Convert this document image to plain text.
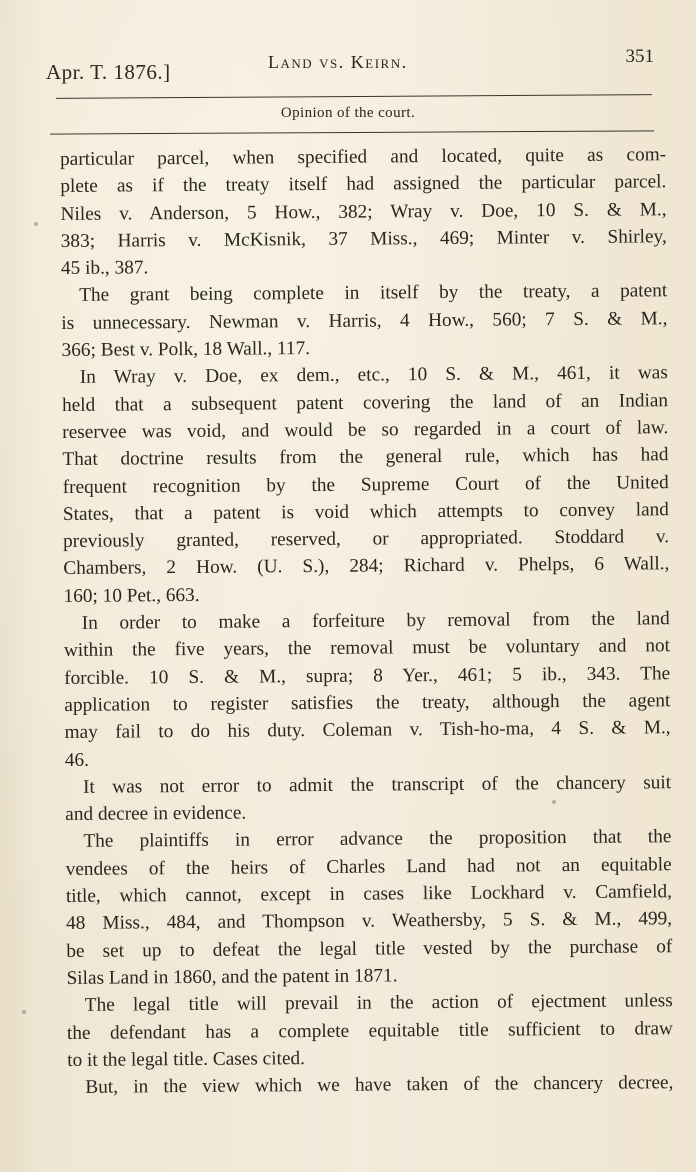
Apr. T. 1876.]	Land vs. Keirn.	351
Opinion of the court.
particular parcel, when specified and located, quite as com-
plete as if the treaty itself had assigned the particular parcel.
Niles v. Anderson, 5 How., 382; Wray v. Doe, 10 S. & M.,
383; Harris v. McKisnik, 37 Miss., 469; Minter v. Shirley,
45 ib., 387.
The grant being complete in itself by the treaty, a patent
is unnecessary. Newman v. Harris, 4 How., 560; 7 S. & M.,
366; Best v. Polk, 18 Wall., 117.
In Wray v. Doe, ex dem., etc., 10 S. & M., 461, it was
held that a subsequent patent covering the land of an Indian
reservee was void, and would be so regarded in a court of law.
That doctrine results from the general rule, which has had
frequent recognition by the Supreme Court of the United
States, that a patent is void which attempts to convey land
previously granted, reserved, or appropriated. Stoddard v.
Chambers, 2 How. (U. S.), 284; Richard v. Phelps, 6 Wall.,
160; 10 Pet., 663.
In order to make a forfeiture by removal from the land
within the five years, the removal must be voluntary and not
forcible. 10 S. & M., supra; 8 Yer., 461; 5 ib., 343. The
application to register satisfies the treaty, although the agent
may fail to do his duty. Coleman v. Tish-ho-ma, 4 S. & M.,
46.
It was not error to admit the transcript of the chancery suit
and decree in evidence.
The plaintiffs in error advance the proposition that the
vendees of the heirs of Charles Land had not an equitable
title, which cannot, except in cases like Lockhard v. Camfield,
48 Miss., 484, and Thompson v. Weathersby, 5 S. & M., 499,
be set up to defeat the legal title vested by the purchase of
Silas Land in 1860, and the patent in 1871.
The legal title will prevail in the action of ejectment unless
the defendant has a complete equitable title sufficient to draw
to it the legal title. Cases cited.
But, in the view which we have taken of the chancery decree,
